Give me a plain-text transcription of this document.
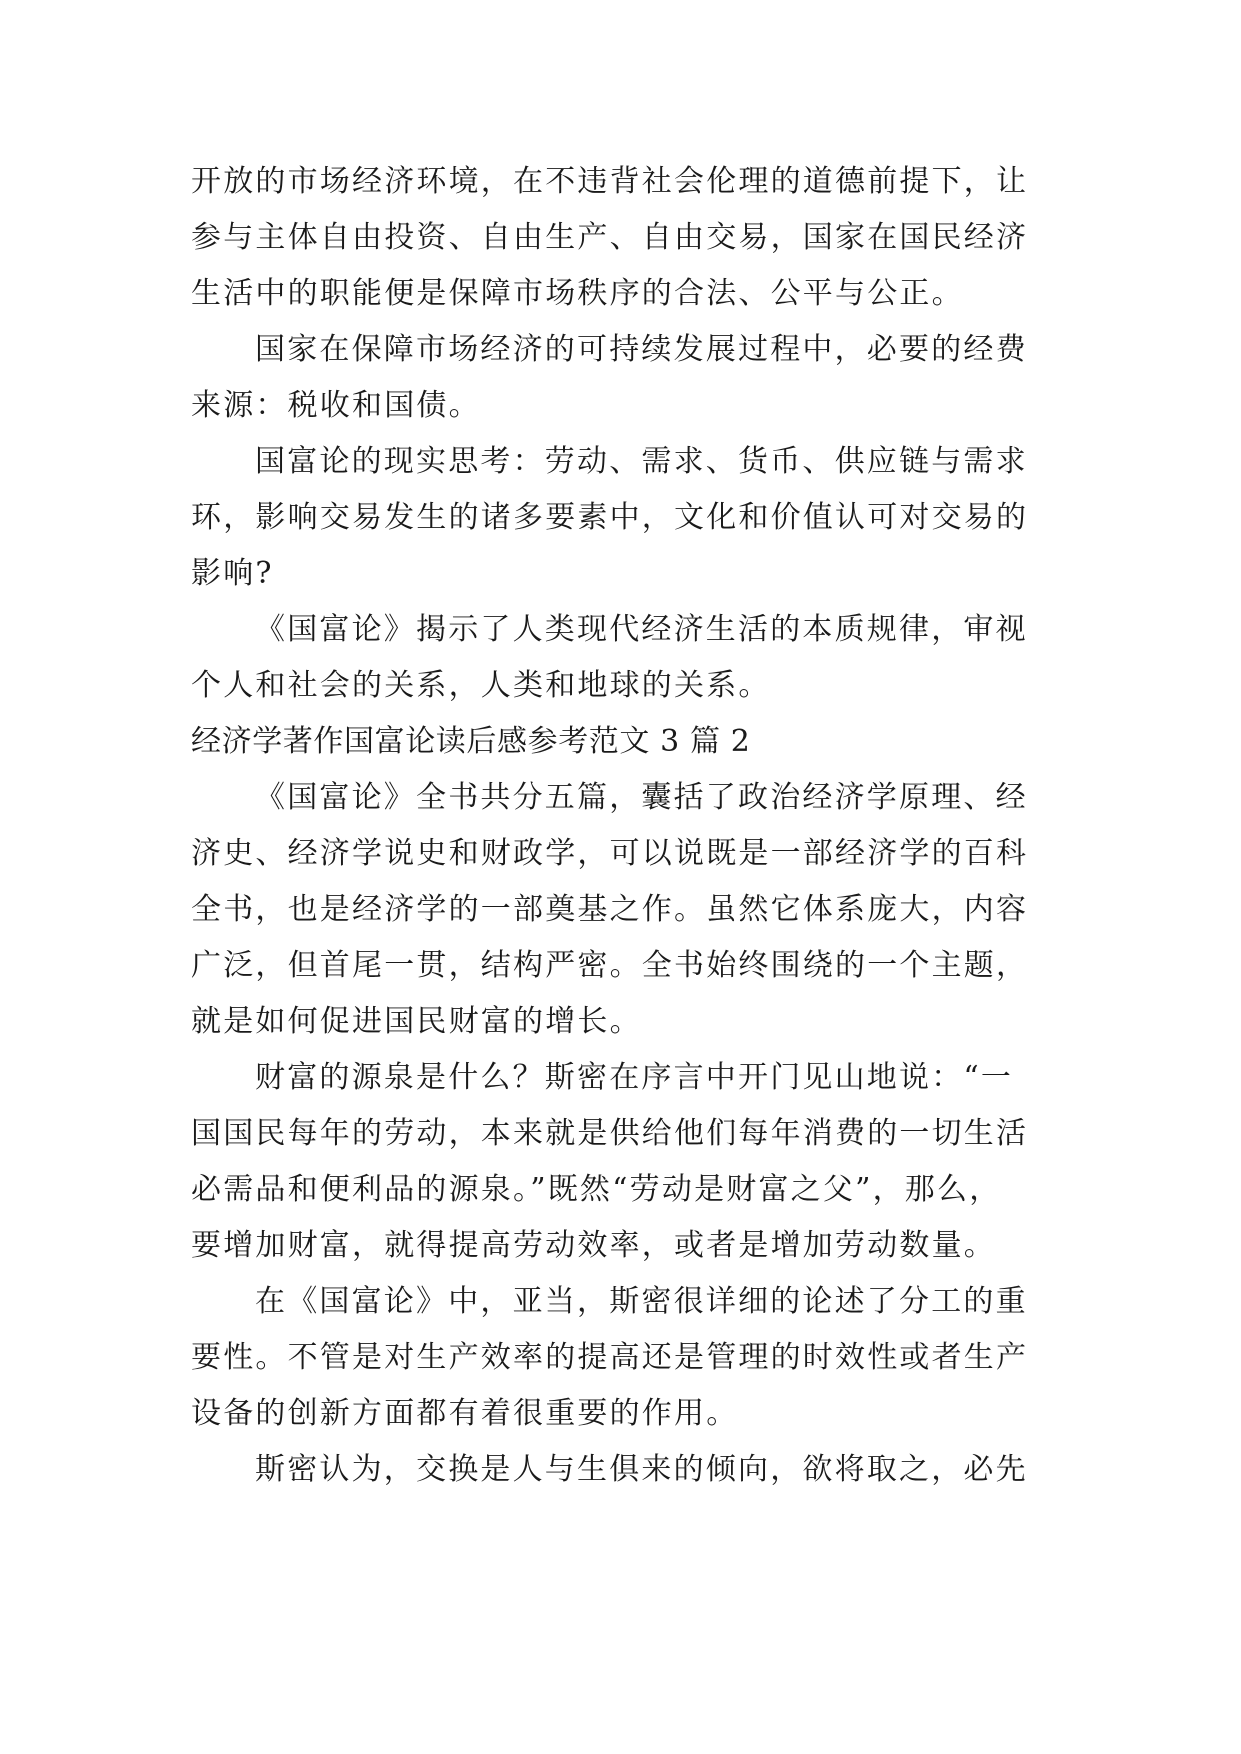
开放的市场经济环境，在不违背社会伦理的道德前提下，让
参与主体自由投资、自由生产、自由交易，国家在国民经济
生活中的职能便是保障市场秩序的合法、公平与公正。

国家在保障市场经济的可持续发展过程中，必要的经费
来源：税收和国债。

国富论的现实思考：劳动、需求、货币、供应链与需求
环，影响交易发生的诸多要素中，文化和价值认可对交易的
影响?

《国富论》揭示了人类现代经济生活的本质规律，审视
个人和社会的关系，人类和地球的关系。

经济学著作国富论读后感参考范文 3 篇 2

《国富论》全书共分五篇，囊括了政治经济学原理、经
济史、经济学说史和财政学，可以说既是一部经济学的百科
全书，也是经济学的一部奠基之作。虽然它体系庞大，内容
广泛，但首尾一贯，结构严密。全书始终围绕的一个主题，
就是如何促进国民财富的增长。

财富的源泉是什么？斯密在序言中开门见山地说：“一
国国民每年的劳动，本来就是供给他们每年消费的一切生活
必需品和便利品的源泉。”既然“劳动是财富之父”，那么，
要增加财富，就得提高劳动效率，或者是增加劳动数量。

在《国富论》中，亚当，斯密很详细的论述了分工的重
要性。不管是对生产效率的提高还是管理的时效性或者生产
设备的创新方面都有着很重要的作用。

斯密认为，交换是人与生俱来的倾向，欲将取之，必先
